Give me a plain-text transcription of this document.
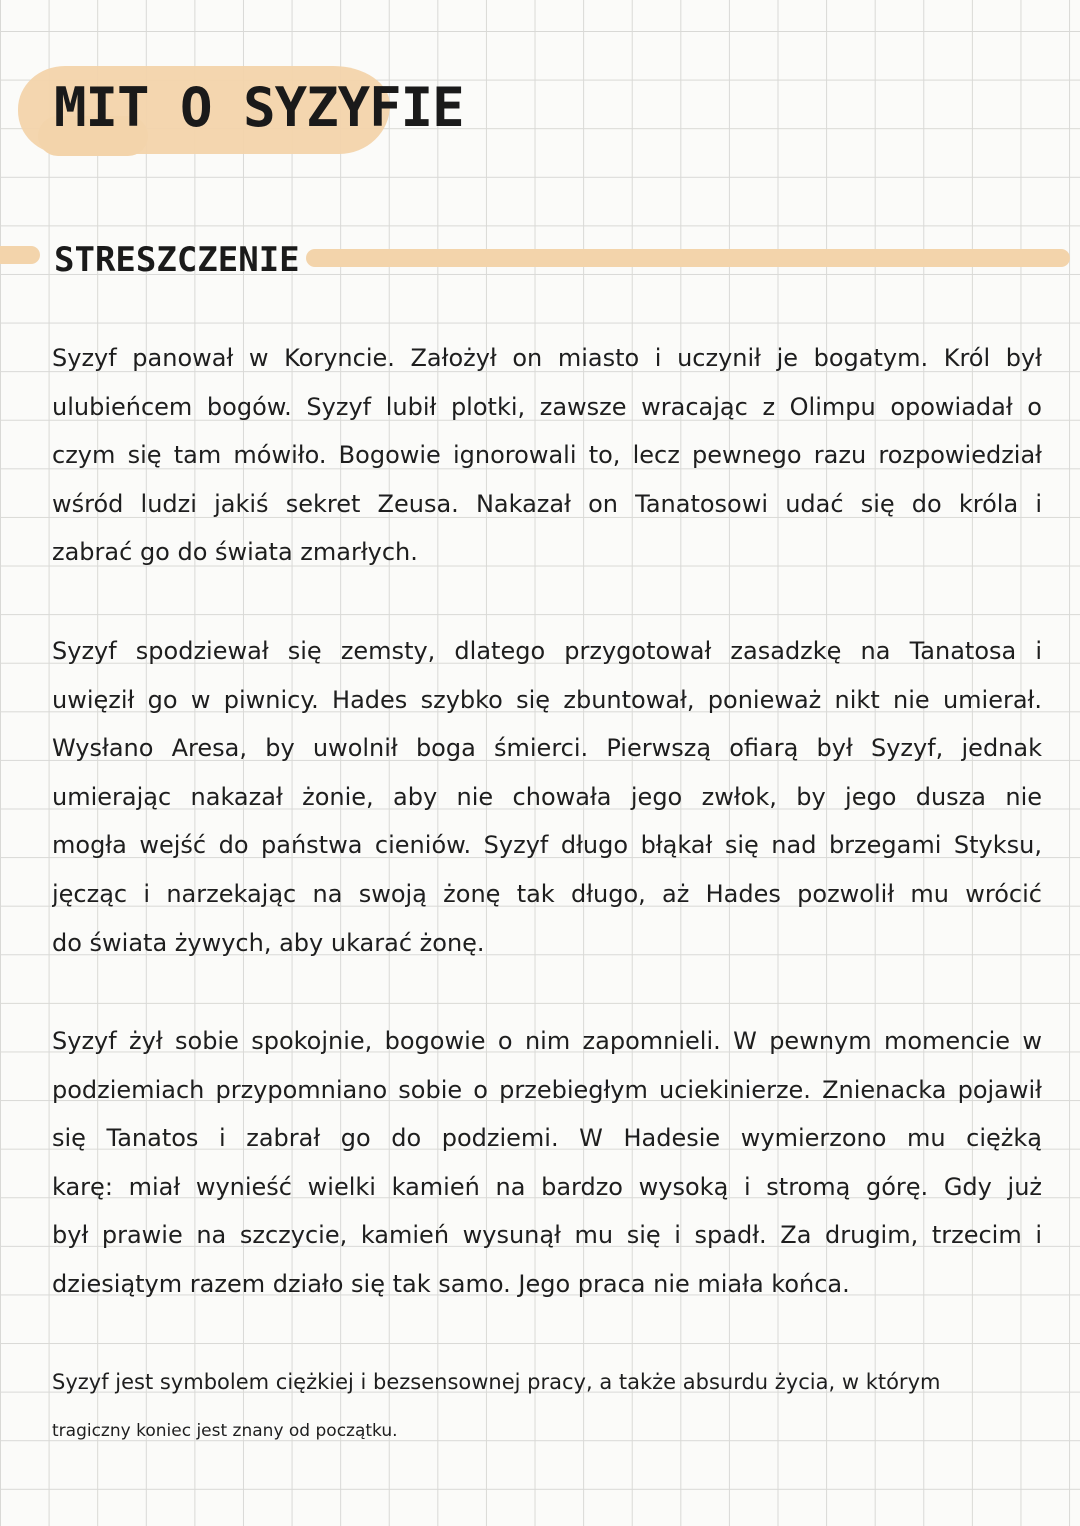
MIT O SYZYFIE
STRESZCZENIE
Syzyf panował w Koryncie. Założył on miasto i uczynił je bogatym. Król był
ulubieńcem bogów. Syzyf lubił plotki, zawsze wracając z Olimpu opowiadał o
czym się tam mówiło. Bogowie ignorowali to, lecz pewnego razu rozpowiedział
wśród ludzi jakiś sekret Zeusa. Nakazał on Tanatosowi udać się do króla i
zabrać go do świata zmarłych.
Syzyf spodziewał się zemsty, dlatego przygotował zasadzkę na Tanatosa i
uwięził go w piwnicy. Hades szybko się zbuntował, ponieważ nikt nie umierał.
Wysłano Aresa, by uwolnił boga śmierci. Pierwszą ofiarą był Syzyf, jednak
umierając nakazał żonie, aby nie chowała jego zwłok, by jego dusza nie
mogła wejść do państwa cieniów. Syzyf długo błąkał się nad brzegami Styksu,
jęcząc i narzekając na swoją żonę tak długo, aż Hades pozwolił mu wrócić
do świata żywych, aby ukarać żonę.
Syzyf żył sobie spokojnie, bogowie o nim zapomnieli. W pewnym momencie w
podziemiach przypomniano sobie o przebiegłym uciekinierze. Znienacka pojawił
się Tanatos i zabrał go do podziemi. W Hadesie wymierzono mu ciężką
karę: miał wynieść wielki kamień na bardzo wysoką i stromą górę. Gdy już
był prawie na szczycie, kamień wysunął mu się i spadł. Za drugim, trzecim i
dziesiątym razem działo się tak samo. Jego praca nie miała końca.
Syzyf jest symbolem ciężkiej i bezsensownej pracy, a także absurdu życia, w którym
tragiczny koniec jest znany od początku.
